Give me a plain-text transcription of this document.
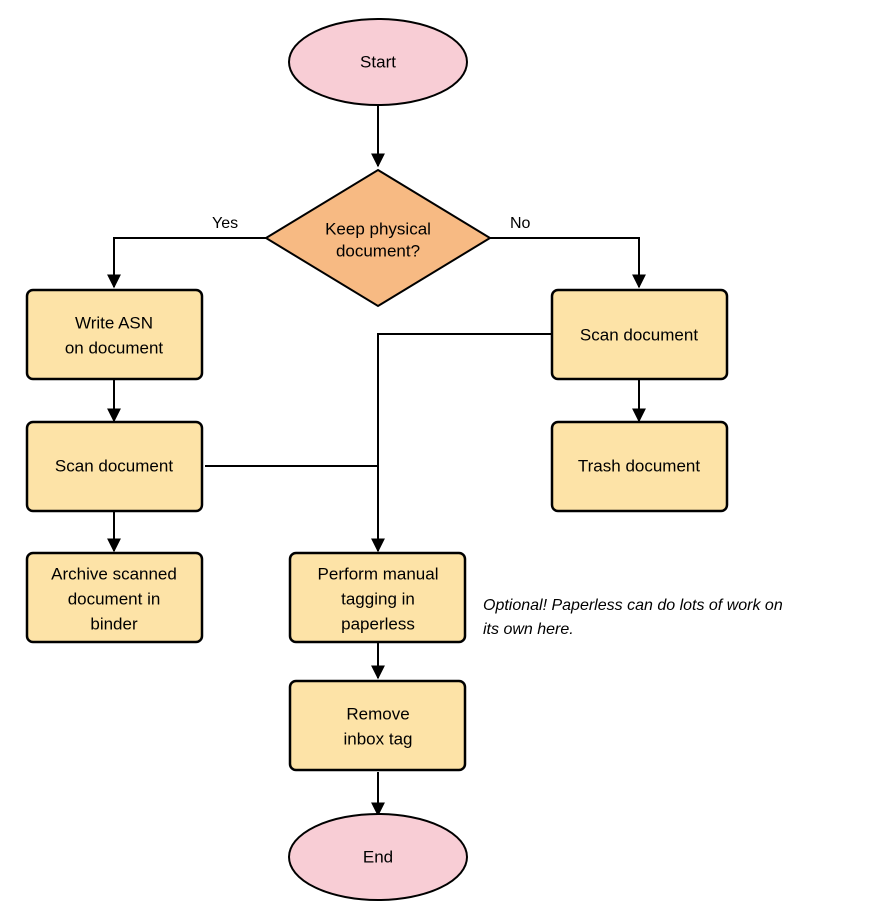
Start
Keep physical
document?
Yes	No
Write ASN
on document
Scan document
Archive scanned
document in
binder
Scan document
Trash document
Perform manual
tagging in
paperless
Remove
inbox tag
End
Optional! Paperless can do lots of work on
its own here.
